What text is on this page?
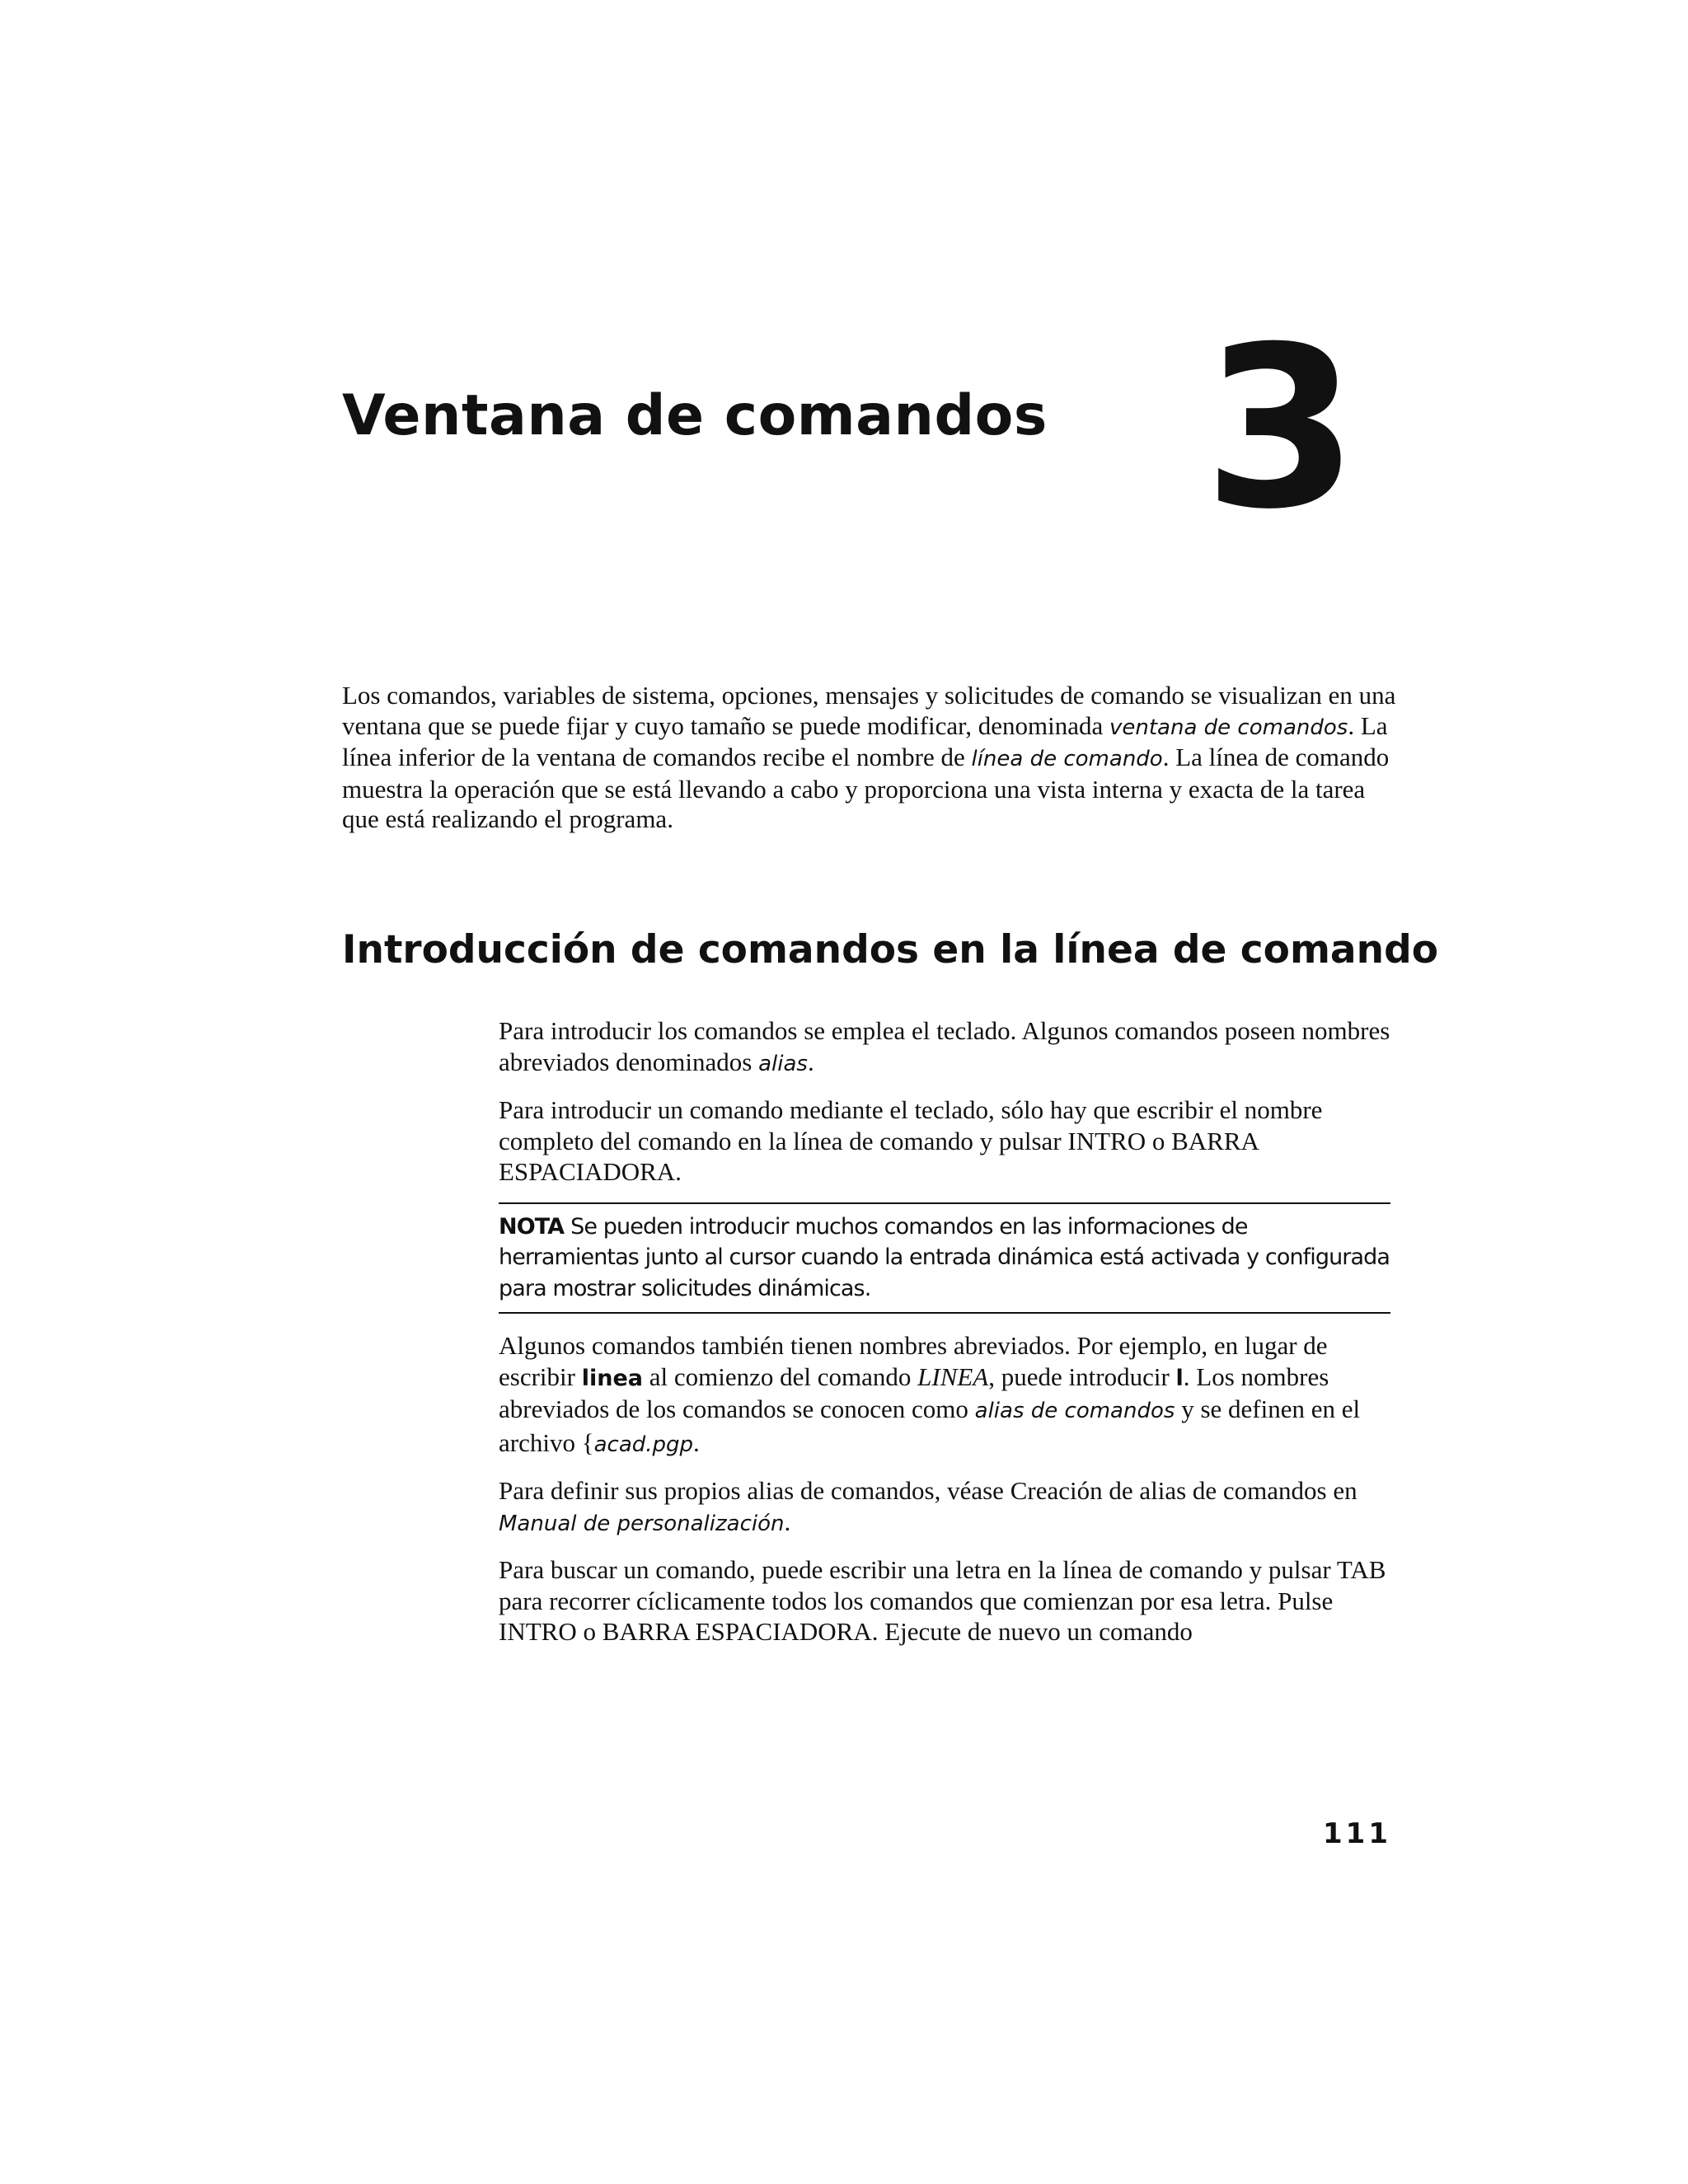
Ventana de comandos 3

Los comandos, variables de sistema, opciones, mensajes y solicitudes de comando se visualizan en una ventana que se puede fijar y cuyo tamaño se puede modificar, denominada ventana de comandos. La línea inferior de la ventana de comandos recibe el nombre de línea de comando. La línea de comando muestra la operación que se está llevando a cabo y proporciona una vista interna y exacta de la tarea que está realizando el programa.

Introducción de comandos en la línea de comando

Para introducir los comandos se emplea el teclado. Algunos comandos poseen nombres abreviados denominados alias.

Para introducir un comando mediante el teclado, sólo hay que escribir el nombre completo del comando en la línea de comando y pulsar INTRO o BARRA ESPACIADORA.

NOTA Se pueden introducir muchos comandos en las informaciones de herramientas junto al cursor cuando la entrada dinámica está activada y configurada para mostrar solicitudes dinámicas.

Algunos comandos también tienen nombres abreviados. Por ejemplo, en lugar de escribir linea al comienzo del comando LINEA, puede introducir l. Los nombres abreviados de los comandos se conocen como alias de comandos y se definen en el archivo {acad.pgp.

Para definir sus propios alias de comandos, véase Creación de alias de comandos en Manual de personalización.

Para buscar un comando, puede escribir una letra en la línea de comando y pulsar TAB para recorrer cíclicamente todos los comandos que comienzan por esa letra. Pulse INTRO o BARRA ESPACIADORA. Ejecute de nuevo un comando

111
